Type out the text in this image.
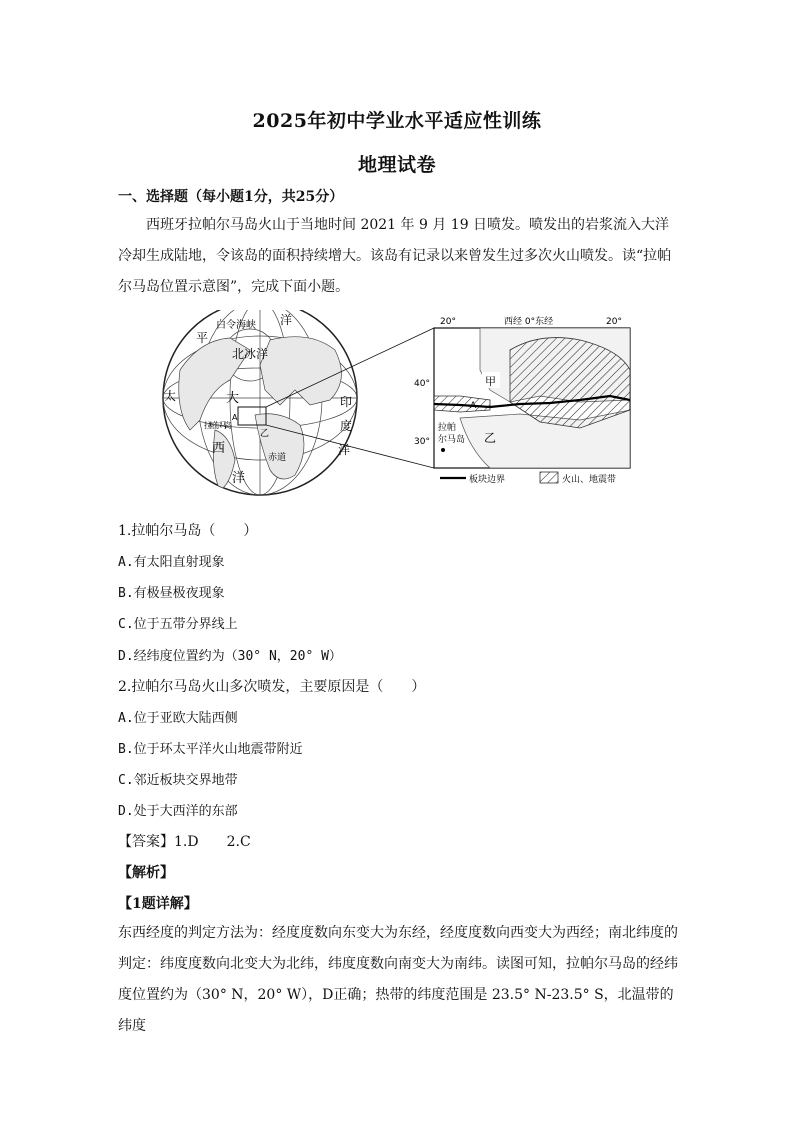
2025年初中学业水平适应性训练
地理试卷
一、选择题（每小题1分，共25分）
西班牙拉帕尔马岛火山于当地时间 2021 年 9 月 19 日喷发。喷发出的岩浆流入大洋冷却生成陆地，令该岛的面积持续增大。该岛有记录以来曾发生过多次火山喷发。读“拉帕尔马岛位置示意图”，完成下面小题。
白令海峡 洋
平
太
北冰洋
大
西
洋
印
度
洋
A
乙
拉帕尔马岛
赤道
20°	西经 0°东经	20°
40°
30°
甲
乙
A
拉帕
尔马岛
板块边界	火山、地震带
1.拉帕尔马岛（　　）
A.有太阳直射现象
B.有极昼极夜现象
C.位于五带分界线上
D.经纬度位置约为（30° N，20° W）
2.拉帕尔马岛火山多次喷发，主要原因是（　　）
A.位于亚欧大陆西侧
B.位于环太平洋火山地震带附近
C.邻近板块交界地带
D.处于大西洋的东部
【答案】1.D　　2.C
【解析】
【1题详解】
东西经度的判定方法为：经度度数向东变大为东经，经度度数向西变大为西经；南北纬度的判定：纬度度数向北变大为北纬，纬度度数向南变大为南纬。读图可知，拉帕尔马岛的经纬度位置约为（30° N，20° W），D正确；热带的纬度范围是 23.5° N-23.5° S，北温带的纬度
